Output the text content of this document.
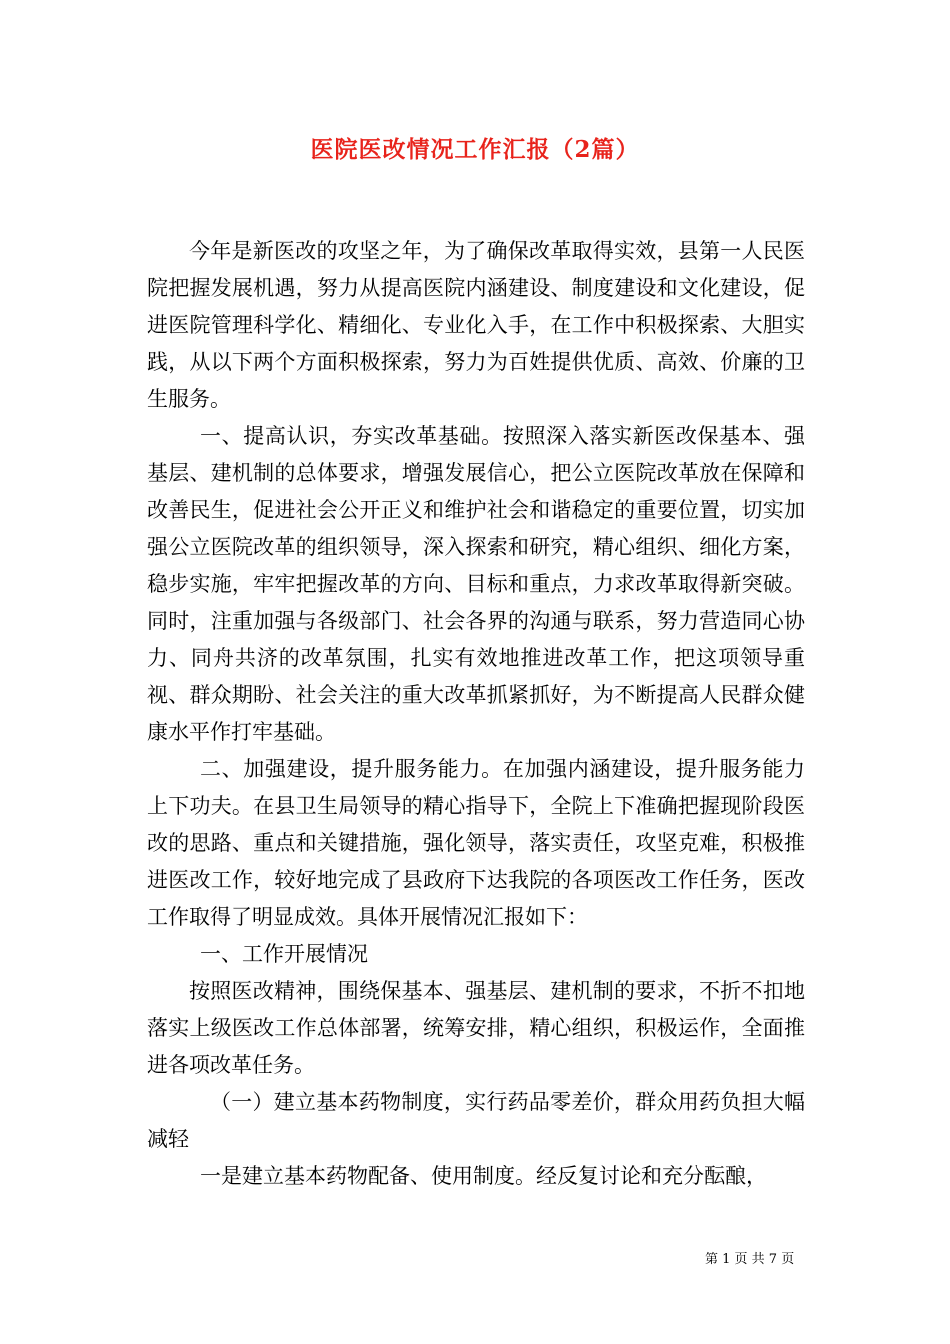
医院医改情况工作汇报（2篇）

今年是新医改的攻坚之年，为了确保改革取得实效，县第一人民医院把握发展机遇，努力从提高医院内涵建设、制度建设和文化建设，促进医院管理科学化、精细化、专业化入手，在工作中积极探索、大胆实践，从以下两个方面积极探索，努力为百姓提供优质、高效、价廉的卫生服务。

一、提高认识，夯实改革基础。按照深入落实新医改保基本、强基层、建机制的总体要求，增强发展信心，把公立医院改革放在保障和改善民生，促进社会公开正义和维护社会和谐稳定的重要位置，切实加强公立医院改革的组织领导，深入探索和研究，精心组织、细化方案，稳步实施，牢牢把握改革的方向、目标和重点，力求改革取得新突破。同时，注重加强与各级部门、社会各界的沟通与联系，努力营造同心协力、同舟共济的改革氛围，扎实有效地推进改革工作，把这项领导重视、群众期盼、社会关注的重大改革抓紧抓好，为不断提高人民群众健康水平作打牢基础。

二、加强建设，提升服务能力。在加强内涵建设，提升服务能力上下功夫。在县卫生局领导的精心指导下，全院上下准确把握现阶段医改的思路、重点和关键措施，强化领导，落实责任，攻坚克难，积极推进医改工作，较好地完成了县政府下达我院的各项医改工作任务，医改工作取得了明显成效。具体开展情况汇报如下：

一、工作开展情况

按照医改精神，围绕保基本、强基层、建机制的要求，不折不扣地落实上级医改工作总体部署，统筹安排，精心组织，积极运作，全面推进各项改革任务。

（一）建立基本药物制度，实行药品零差价，群众用药负担大幅减轻

一是建立基本药物配备、使用制度。经反复讨论和充分酝酿，

第 1 页 共 7 页
